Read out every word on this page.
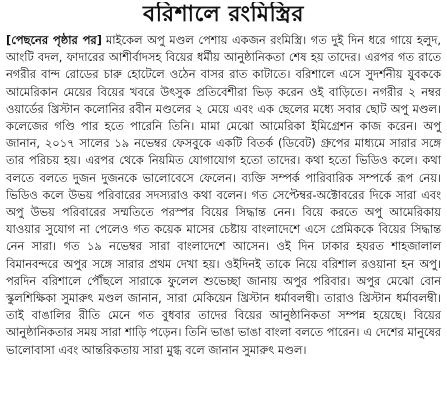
বরিশালে রংমিস্ত্রির
[পেছনের পৃষ্ঠার পর] মাইকেল অপু মণ্ডল পেশায় একজন রংমিস্ত্রি। গত দুই দিন ধরে গায়ে হলুদ, আংটি বদল, ফাদারের আশীর্বাদসহ বিয়ের ধর্মীয় আনুষ্ঠানিকতা শেষ হয় তাদের। এরপর গত রাতে নগরীর বান্দ রোডের চারু হোটেলে ওঠেন বাসর রাত কাটাতে। বরিশালে এসে সুদর্শনীয় যুবককে আমেরিকান মেয়ের বিয়ের খবরে উৎসুক প্রতিবেশীরা ভিড় করেন ওই বাড়িতে। নগরীর ২ নম্বর ওয়ার্ডের খ্রিস্টান কলোনির রবীন মণ্ডলের ২ মেয়ে এবং এক ছেলের মধ্যে সবার ছোট অপু মণ্ডল। কলেজের গণ্ডি পার হতে পারেনি তিনি। মামা মেঝো আমেরিকা ইমিগ্রেশন কাজ করেন। অপু জানান, ২০১৭ সালের ১৯ নভেম্বর ফেসবুকে একটি বিতর্ক (ডিবেট) গ্রুপের মাধ্যমে সারার সঙ্গে তার পরিচয় হয়। এরপর থেকে নিয়মিত যোগাযোগ হতো তাদের। কথা হতো ভিডিও কলে। কথা বলতে বলতে দুজন দুজনকে ভালোবেসে ফেলেন। ব্যক্তি সম্পর্ক পারিবারিক সম্পর্কে রূপ নেয়। ভিডিও কলে উভয় পরিবারের সদস্যরাও কথা বলেন। গত সেপ্টেম্বর-অক্টোবরের দিকে সারা এবং অপু উভয় পরিবারের সম্মতিতে পরস্পর বিয়ের সিদ্ধান্ত নেন। বিয়ে করতে অপু আমেরিকায় যাওয়ার সুযোগ না পেলেও গত কয়েক মাসের চেষ্টায় বাংলাদেশে এসে প্রেমিককে বিয়ের সিদ্ধান্ত নেন সারা। গত ১৯ নভেম্বর সারা বাংলাদেশে আসেন। ওই দিন ঢাকার হযরত শাহজালাল বিমানবন্দরে অপুর সঙ্গে সারার প্রথম দেখা হয়। ওইদিনই তাকে নিয়ে বরিশাল রওয়ানা হন অপু। পরদিন বরিশালে পৌঁছলে সারাকে ফুলেল শুভেচ্ছা জানায় অপুর পরিবার। অপুর মেঝো বোন স্কুলশিক্ষিকা সুমারুৎ মণ্ডল জানান, সারা মেকিয়েন খ্রিস্টান ধর্মাবলম্বী। তারাও খ্রিস্টান ধর্মাবলম্বী। তাই বাঙালির রীতি মেনে গত বুধবার তাদের বিয়ের আনুষ্ঠানিকতা সম্পন্ন হয়েছে। বিয়ের আনুষ্ঠানিকতার সময় সারা শাড়ি পড়েন। তিনি ভাঙা ভাঙা বাংলা বলতে পারেন। এ দেশের মানুষের ভালোবাসা এবং আন্তরিকতায় সারা মুগ্ধ বলে জানান সুমারুৎ মণ্ডল।
